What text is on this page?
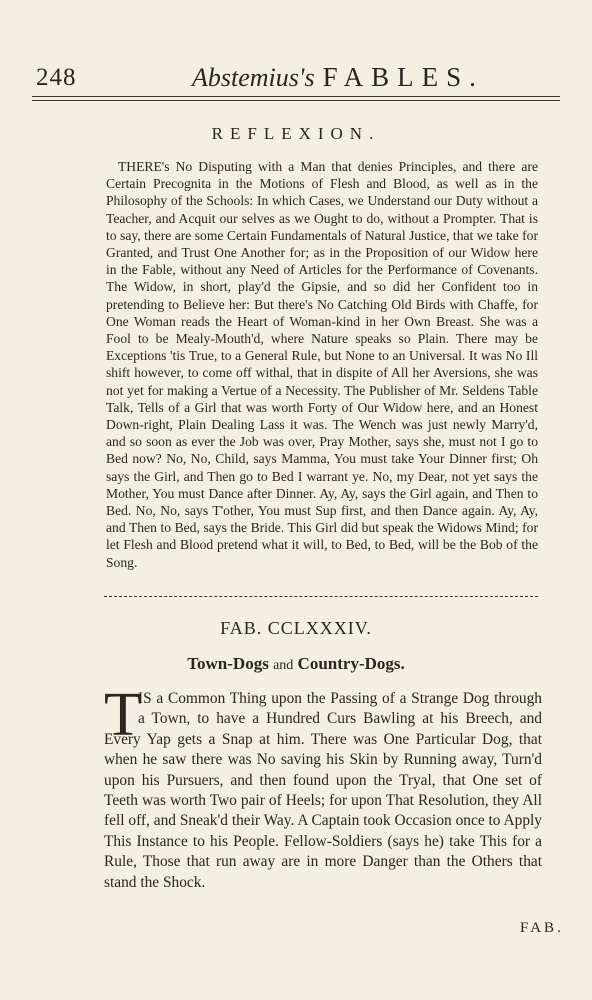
248	Abstemius's FABLES.
REFLEXION.

THERE's No Disputing with a Man that denies Principles, and there are Certain Precognita in the Motions of Flesh and Blood, as well as in the Philosophy of the Schools: In which Cases, we Understand our Duty without a Teacher, and Acquit our selves as we Ought to do, without a Prompter. That is to say, there are some Certain Fundamentals of Natural Justice, that we take for Granted, and Trust One Another for; as in the Proposition of our Widow here in the Fable, without any Need of Articles for the Performance of Covenants. The Widow, in short, play'd the Gipsie, and so did her Confident too in pretending to Believe her: But there's No Catching Old Birds with Chaffe, for One Woman reads the Heart of Woman-kind in her Own Breast. She was a Fool to be Mealy-Mouth'd, where Nature speaks so Plain. There may be Exceptions 'tis True, to a General Rule, but None to an Universal. It was No Ill shift however, to come off withal, that in dispite of All her Aversions, she was not yet for making a Vertue of a Necessity. The Publisher of Mr. Seldens Table Talk, Tells of a Girl that was worth Forty of Our Widow here, and an Honest Down-right, Plain Dealing Lass it was. The Wench was just newly Marry'd, and so soon as ever the Job was over, Pray Mother, says she, must not I go to Bed now? No, No, Child, says Mamma, You must take Your Dinner first; Oh says the Girl, and Then go to Bed I warrant ye. No, my Dear, not yet says the Mother, You must Dance after Dinner. Ay, Ay, says the Girl again, and Then to Bed. No, No, says T'other, You must Sup first, and then Dance again. Ay, Ay, and Then to Bed, says the Bride. This Girl did but speak the Widows Mind; for let Flesh and Blood pretend what it will, to Bed, to Bed, will be the Bob of the Song.

FAB. CCLXXXIV.
Town-Dogs and Country-Dogs.
T

IS a Common Thing upon the Passing of a Strange Dog through a Town, to have a Hundred Curs Bawling at his Breech, and Every Yap gets a Snap at him. There was One Particular Dog, that when he saw there was No saving his Skin by Running away, Turn'd upon his Pursuers, and then found upon the Tryal, that One set of Teeth was worth Two pair of Heels; for upon That Resolution, they All fell off, and Sneak'd their Way. A Captain took Occasion once to Apply This Instance to his People. Fellow-Soldiers (says he) take This for a Rule, Those that run away are in more Danger than the Others that stand the Shock.

FAB.
